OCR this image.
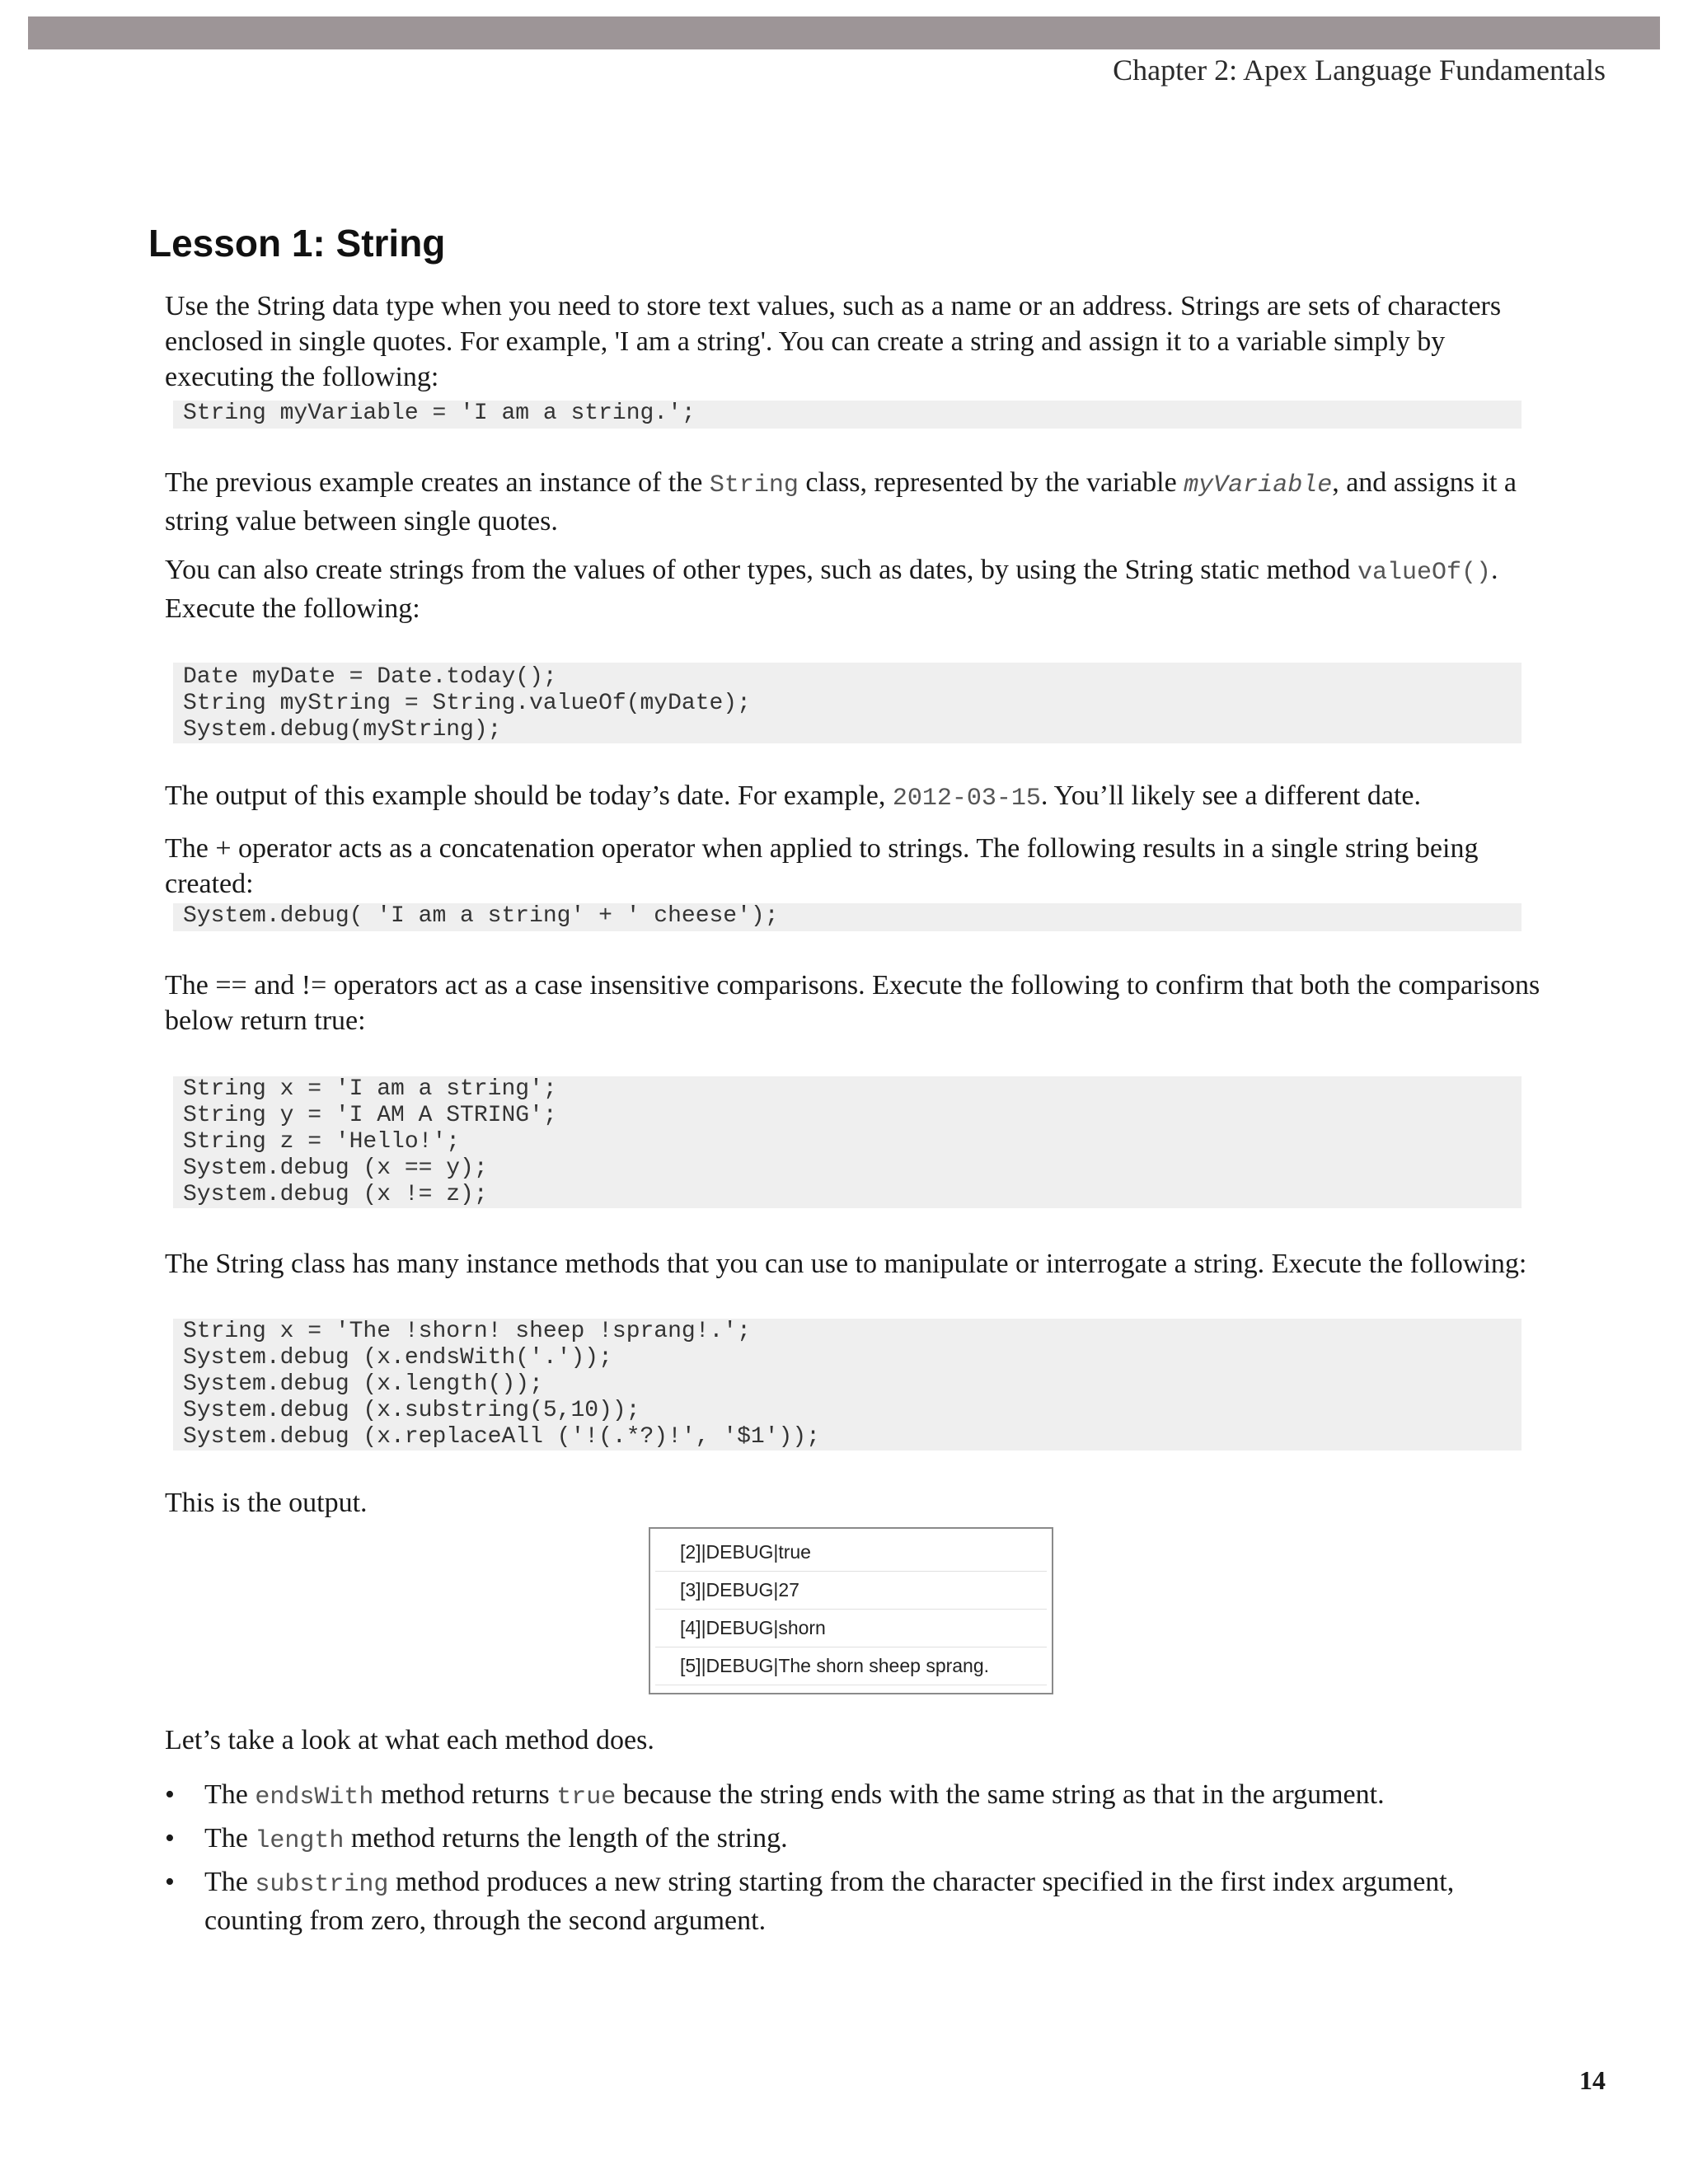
Chapter 2: Apex Language Fundamentals
Lesson 1: String

Use the String data type when you need to store text values, such as a name or an address. Strings are sets of characters enclosed in single quotes. For example, 'I am a string'. You can create a string and assign it to a variable simply by executing the following:

String myVariable = 'I am a string.';

The previous example creates an instance of the String class, represented by the variable myVariable, and assigns it a string value between single quotes.

You can also create strings from the values of other types, such as dates, by using the String static method valueOf(). Execute the following:

Date myDate = Date.today();
String myString = String.valueOf(myDate);
System.debug(myString);

The output of this example should be today’s date. For example, 2012-03-15. You’ll likely see a different date.

The + operator acts as a concatenation operator when applied to strings. The following results in a single string being created:

System.debug( 'I am a string' + ' cheese');

The == and != operators act as a case insensitive comparisons. Execute the following to confirm that both the comparisons below return true:

String x = 'I am a string';
String y = 'I AM A STRING';
String z = 'Hello!';
System.debug (x == y);
System.debug (x != z);

The String class has many instance methods that you can use to manipulate or interrogate a string. Execute the following:

String x = 'The !shorn! sheep !sprang!.';
System.debug (x.endsWith('.'));
System.debug (x.length());
System.debug (x.substring(5,10));
System.debug (x.replaceAll ('!(.*?)!', '$1'));

This is the output.

[2]|DEBUG|true
[3]|DEBUG|27
[4]|DEBUG|shorn
[5]|DEBUG|The shorn sheep sprang.

Let’s take a look at what each method does.

• The endsWith method returns true because the string ends with the same string as that in the argument.
• The length method returns the length of the string.
• The substring method produces a new string starting from the character specified in the first index argument, counting from zero, through the second argument.
14
